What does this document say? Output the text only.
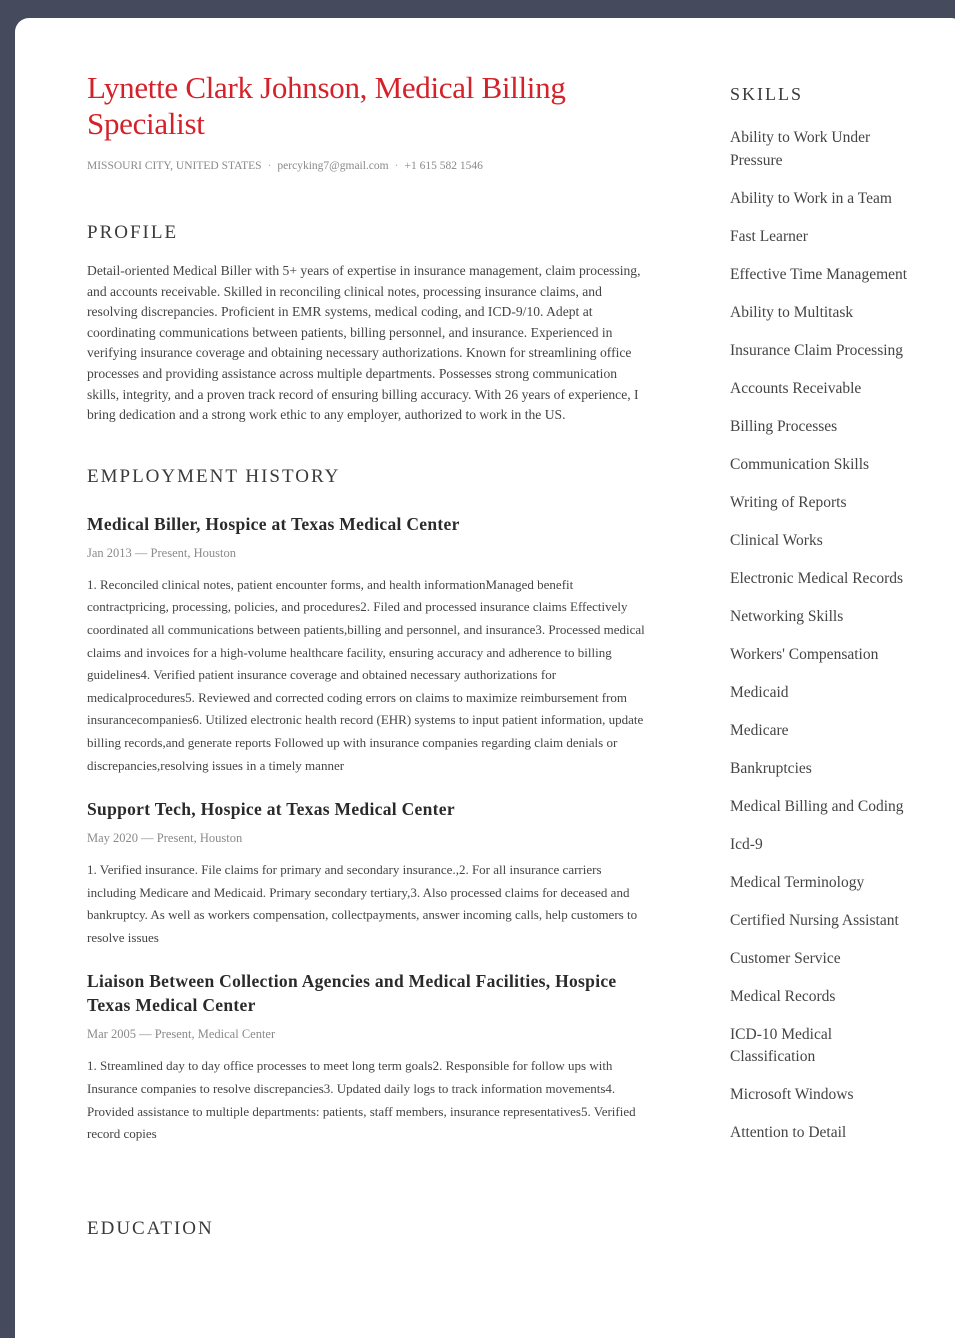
Lynette Clark Johnson, Medical Billing Specialist
MISSOURI CITY, UNITED STATES · percyking7@gmail.com · +1 615 582 1546
PROFILE
Detail-oriented Medical Biller with 5+ years of expertise in insurance management, claim processing, and accounts receivable. Skilled in reconciling clinical notes, processing insurance claims, and resolving discrepancies. Proficient in EMR systems, medical coding, and ICD-9/10. Adept at coordinating communications between patients, billing personnel, and insurance. Experienced in verifying insurance coverage and obtaining necessary authorizations. Known for streamlining office processes and providing assistance across multiple departments. Possesses strong communication skills, integrity, and a proven track record of ensuring billing accuracy. With 26 years of experience, I bring dedication and a strong work ethic to any employer, authorized to work in the US.
EMPLOYMENT HISTORY
Medical Biller, Hospice at Texas Medical Center
Jan 2013 — Present, Houston
1. Reconciled clinical notes, patient encounter forms, and health informationManaged benefit contractpricing, processing, policies, and procedures2. Filed and processed insurance claims Effectively coordinated all communications between patients,billing and personnel, and insurance3. Processed medical claims and invoices for a high-volume healthcare facility, ensuring accuracy and adherence to billing guidelines4. Verified patient insurance coverage and obtained necessary authorizations for medicalprocedures5. Reviewed and corrected coding errors on claims to maximize reimbursement from insurancecompanies6. Utilized electronic health record (EHR) systems to input patient information, update billing records,and generate reports Followed up with insurance companies regarding claim denials or discrepancies,resolving issues in a timely manner
Support Tech, Hospice at Texas Medical Center
May 2020 — Present, Houston
1. Verified insurance. File claims for primary and secondary insurance.,2. For all insurance carriers including Medicare and Medicaid. Primary secondary tertiary,3. Also processed claims for deceased and bankruptcy. As well as workers compensation, collectpayments, answer incoming calls, help customers to resolve issues
Liaison Between Collection Agencies and Medical Facilities, Hospice Texas Medical Center
Mar 2005 — Present, Medical Center
1. Streamlined day to day office processes to meet long term goals2. Responsible for follow ups with Insurance companies to resolve discrepancies3. Updated daily logs to track information movements4. Provided assistance to multiple departments: patients, staff members, insurance representatives5. Verified record copies
EDUCATION
SKILLS
Ability to Work Under Pressure
Ability to Work in a Team
Fast Learner
Effective Time Management
Ability to Multitask
Insurance Claim Processing
Accounts Receivable
Billing Processes
Communication Skills
Writing of Reports
Clinical Works
Electronic Medical Records
Networking Skills
Workers' Compensation
Medicaid
Medicare
Bankruptcies
Medical Billing and Coding
Icd-9
Medical Terminology
Certified Nursing Assistant
Customer Service
Medical Records
ICD-10 Medical Classification
Microsoft Windows
Attention to Detail
